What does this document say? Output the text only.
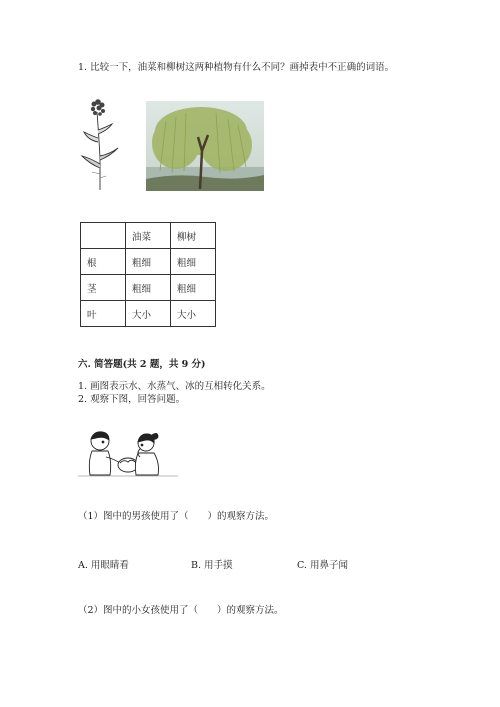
1. 比较一下，油菜和柳树这两种植物有什么不同？画掉表中不正确的词语。
	油菜	柳树
根	粗细	粗细
茎	粗细	粗细
叶	大小	大小
六. 简答题(共 2 题，共 9 分)
1. 画图表示水、水蒸气、冰的互相转化关系。
2. 观察下图，回答问题。
（1）图中的男孩使用了（　　）的观察方法。
A. 用眼睛看	B. 用手摸	C. 用鼻子闻
（2）图中的小女孩使用了（　　）的观察方法。
